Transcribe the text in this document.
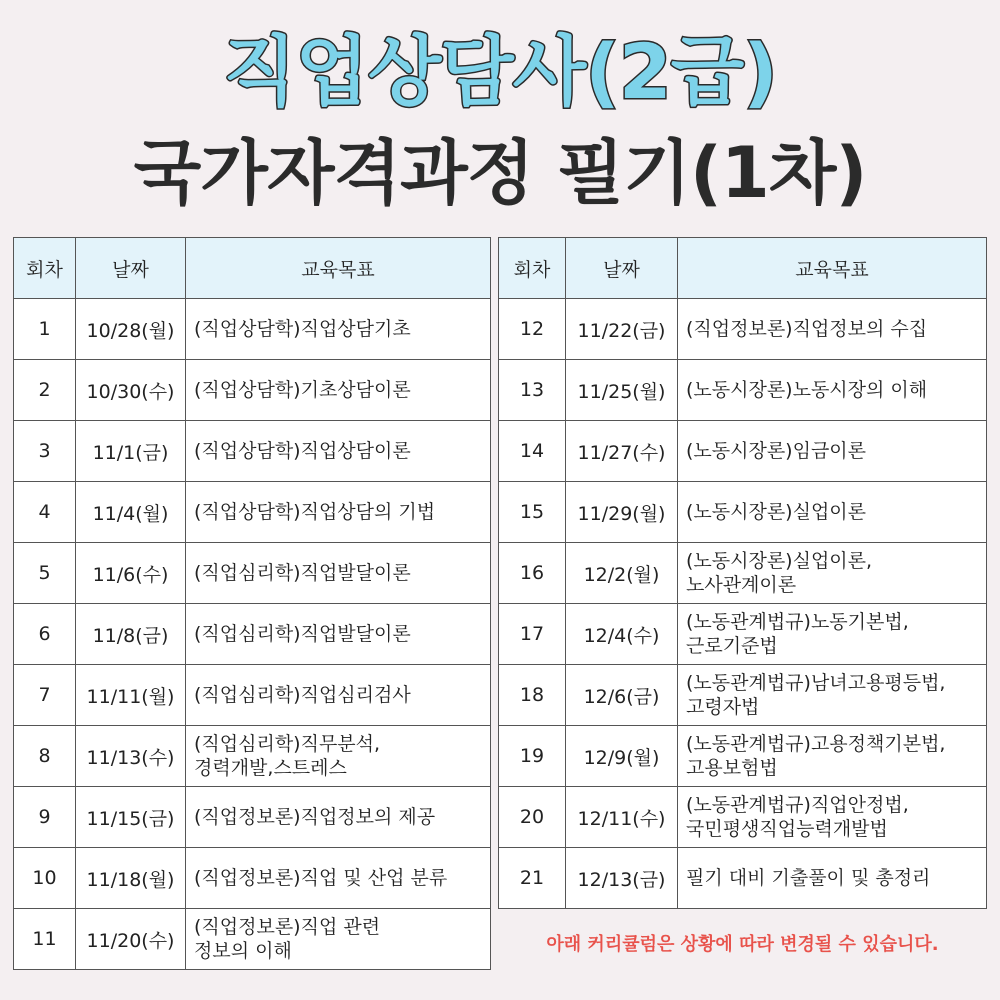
직업상담사(2급)
국가자격과정 필기(1차)
회차	날짜	교육목표
1	10/28(월)	(직업상담학)직업상담기초

2	10/30(수)	(직업상담학)기초상담이론

3	11/1(금)	(직업상담학)직업상담이론

4	11/4(월)	(직업상담학)직업상담의 기법

5	11/6(수)	(직업심리학)직업발달이론

6	11/8(금)	(직업심리학)직업발달이론

7	11/11(월)	(직업심리학)직업심리검사

8	11/13(수)	(직업심리학)직무분석,
경력개발,스트레스

9	11/15(금)	(직업정보론)직업정보의 제공

10	11/18(월)	(직업정보론)직업 및 산업 분류

11	11/20(수)	(직업정보론)직업 관련
정보의 이해
회차	날짜	교육목표
12	11/22(금)	(직업정보론)직업정보의 수집

13	11/25(월)	(노동시장론)노동시장의 이해

14	11/27(수)	(노동시장론)임금이론

15	11/29(월)	(노동시장론)실업이론

16	12/2(월)	(노동시장론)실업이론,
노사관계이론

17	12/4(수)	(노동관계법규)노동기본법,
근로기준법

18	12/6(금)	(노동관계법규)남녀고용평등법,
고령자법

19	12/9(월)	(노동관계법규)고용정책기본법,
고용보험법

20	12/11(수)	(노동관계법규)직업안정법,
국민평생직업능력개발법

21	12/13(금)	필기 대비 기출풀이 및 총정리
아래 커리큘럼은 상황에 따라 변경될 수 있습니다.
